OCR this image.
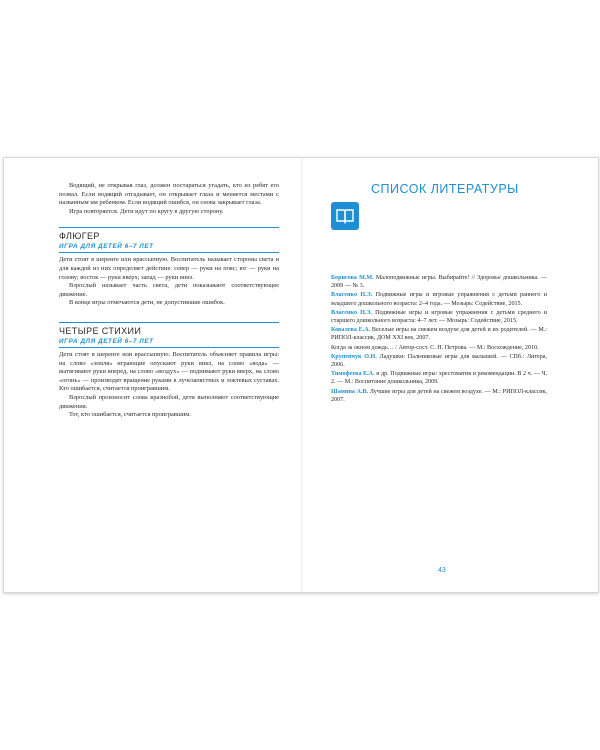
Водящий, не открывая глаз, должен постараться угадать, кто из ребят его позвал. Если водящий отгадывает, он открывает глаза и меняется местами с названным им ребенком. Если водящий ошибся, он снова закрывает глаза.

Игра повторяется. Дети идут по кругу в другую сторону.

ФЛЮГЕР
ИГРА ДЛЯ ДЕТЕЙ 6–7 ЛЕТ

Дети стоят в шеренге или врассыпную. Воспитатель называет стороны света и для каждой из них определяет действие: север — руки на пояс; юг — руки на голову; восток — руки вверх; запад — руки вниз.

Взрослый называет часть света, дети показывают соответствующее движение.

В конце игры отмечаются дети, не допустившие ошибок.

ЧЕТЫРЕ СТИХИИ
ИГРА ДЛЯ ДЕТЕЙ 6–7 ЛЕТ

Дети стоят в шеренге или врассыпную. Воспитатель объясняет правила игры: на слово «земля» играющие опускают руки вниз, на слово «вода» — вытягивают руки вперед, на слово «воздух» — поднимают руки вверх, на слово «огонь» — производят вращение руками в лучезапястных и локтевых суставах. Кто ошибается, считается проигравшим.

Взрослый произносит слова вразнобой, дети выполняют соответствующие движения.

Тот, кто ошибается, считается проигравшим.

СПИСОК ЛИТЕРАТУРЫ

Борисова М.М. Малоподвижные игры. Выбирайте! // Здоровье дошкольника. — 2009 — № 3.

Власенко Н.Э. Подвижные игры и игровые упражнения с детьми раннего и младшего дошкольного возраста: 2–4 года. — Мозырь: Содействие, 2015.

Власенко Н.Э. Подвижные игры и игровые упражнения с детьми среднего и старшего дошкольного возраста: 4–7 лет. — Мозырь: Содействие, 2015.

Ковалева Е.А. Веселые игры на свежем воздухе для детей и их родителей. — М.: РИПОЛ-классик, ДОМ XXI век, 2007.

Когда за окном дождь… / Автор-сост. С. Н. Петрова. — М.: Восхождение, 2010.

Крупенчук О.Н. Ладушки: Пальчиковые игры для малышей. — СПб.: Литера, 2006.

Тимофеева Е.А. и др. Подвижные игры: хрестоматия и рекомендации. В 2 ч. — Ч. 2. — М.: Воспитание дошкольника, 2009.

Шамина А.В. Лучшие игры для детей на свежем воздухе. — М.: РИПОЛ-классик, 2007.

43
